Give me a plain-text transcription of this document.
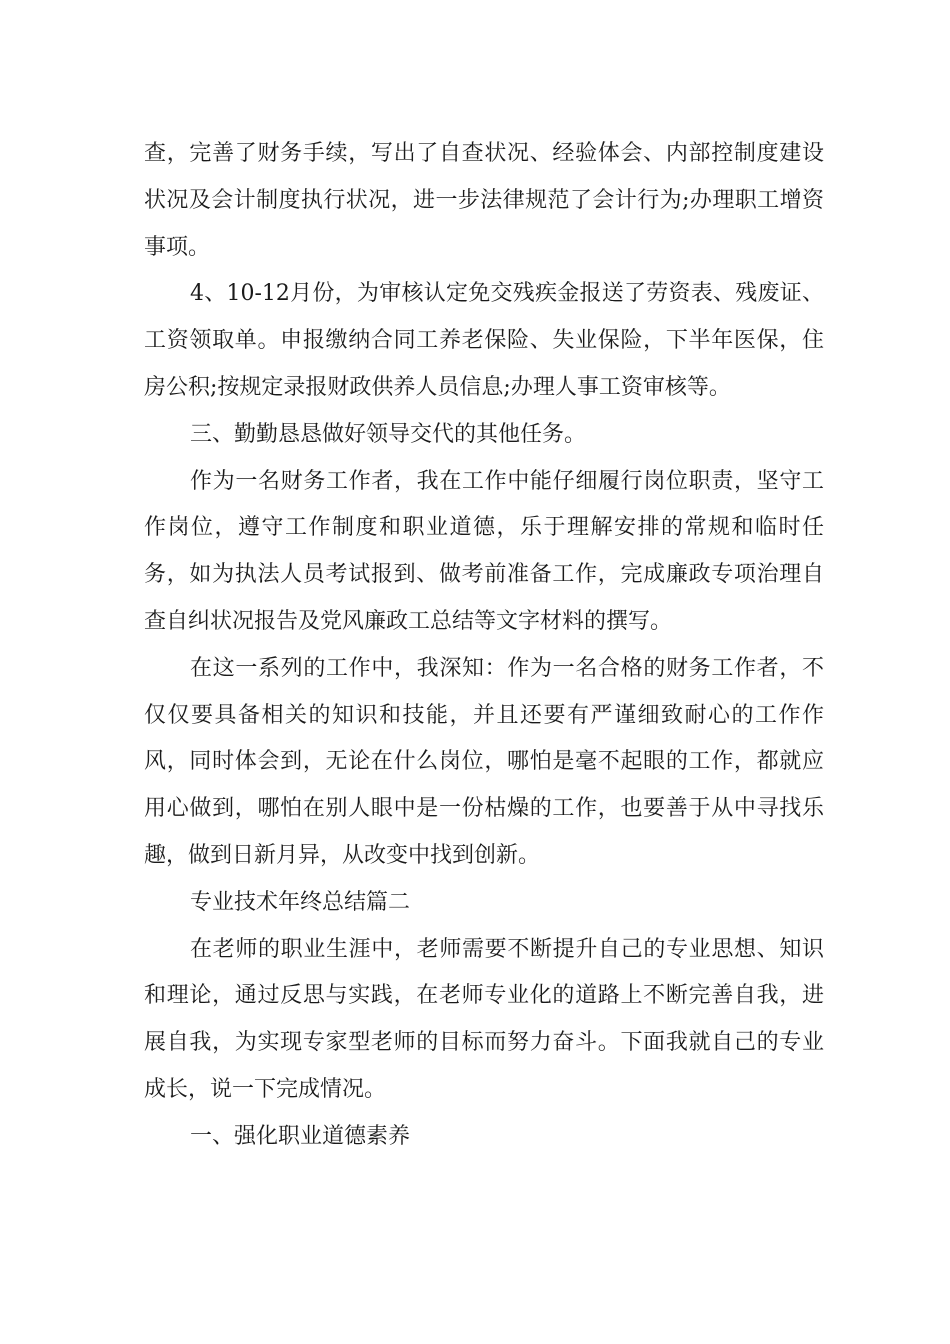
查，完善了财务手续，写出了自查状况、经验体会、内部控制度建设状况及会计制度执行状况，进一步法律规范了会计行为;办理职工增资事项。

4、10-12月份，为审核认定免交残疾金报送了劳资表、残废证、工资领取单。申报缴纳合同工养老保险、失业保险，下半年医保，住房公积;按规定录报财政供养人员信息;办理人事工资审核等。

三、勤勤恳恳做好领导交代的其他任务。

作为一名财务工作者，我在工作中能仔细履行岗位职责，坚守工作岗位，遵守工作制度和职业道德，乐于理解安排的常规和临时任务，如为执法人员考试报到、做考前准备工作，完成廉政专项治理自查自纠状况报告及党风廉政工总结等文字材料的撰写。

在这一系列的工作中，我深知：作为一名合格的财务工作者，不仅仅要具备相关的知识和技能，并且还要有严谨细致耐心的工作作风，同时体会到，无论在什么岗位，哪怕是毫不起眼的工作，都就应用心做到，哪怕在别人眼中是一份枯燥的工作，也要善于从中寻找乐趣，做到日新月异，从改变中找到创新。

专业技术年终总结篇二

在老师的职业生涯中，老师需要不断提升自己的专业思想、知识和理论，通过反思与实践，在老师专业化的道路上不断完善自我，进展自我，为实现专家型老师的目标而努力奋斗。下面我就自己的专业成长，说一下完成情况。

一、强化职业道德素养
